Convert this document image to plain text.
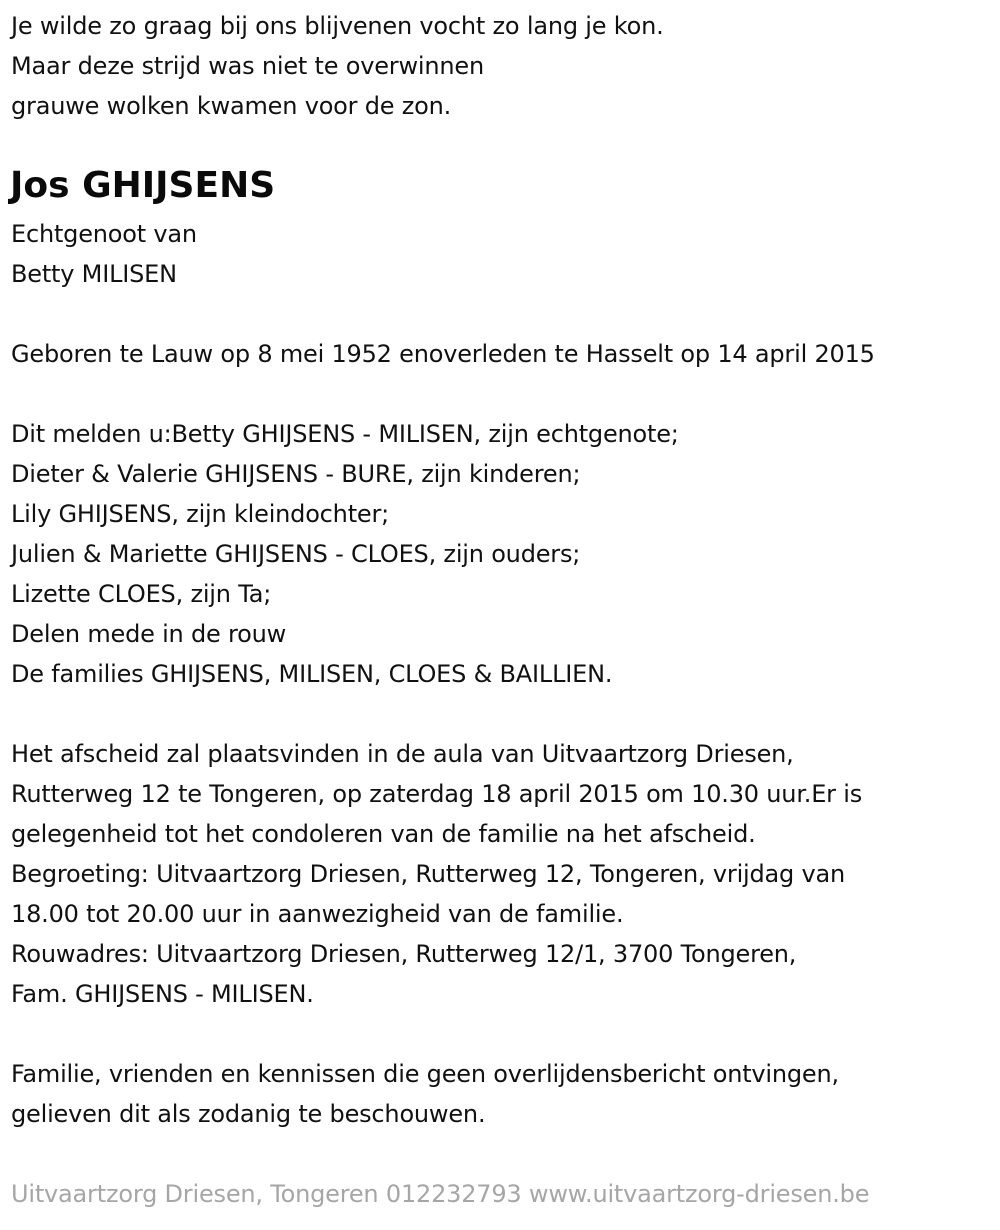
Je wilde zo graag bij ons blijvenen vocht zo lang je kon.
Maar deze strijd was niet te overwinnen
grauwe wolken kwamen voor de zon.
Jos GHIJSENS
Echtgenoot van
Betty MILISEN
Geboren te Lauw op 8 mei 1952 enoverleden te Hasselt op 14 april 2015
Dit melden u:Betty GHIJSENS - MILISEN, zijn echtgenote;
Dieter & Valerie GHIJSENS - BURE, zijn kinderen;
Lily GHIJSENS, zijn kleindochter;
Julien & Mariette GHIJSENS - CLOES, zijn ouders;
Lizette CLOES, zijn Ta;
Delen mede in de rouw
De families GHIJSENS, MILISEN, CLOES & BAILLIEN.
Het afscheid zal plaatsvinden in de aula van Uitvaartzorg Driesen,
Rutterweg 12 te Tongeren, op zaterdag 18 april 2015 om 10.30 uur.Er is
gelegenheid tot het condoleren van de familie na het afscheid.
Begroeting: Uitvaartzorg Driesen, Rutterweg 12, Tongeren, vrijdag van
18.00 tot 20.00 uur in aanwezigheid van de familie.
Rouwadres: Uitvaartzorg Driesen, Rutterweg 12/1, 3700 Tongeren,
Fam. GHIJSENS - MILISEN.
Familie, vrienden en kennissen die geen overlijdensbericht ontvingen,
gelieven dit als zodanig te beschouwen.
Uitvaartzorg Driesen, Tongeren 012232793 www.uitvaartzorg-driesen.be
